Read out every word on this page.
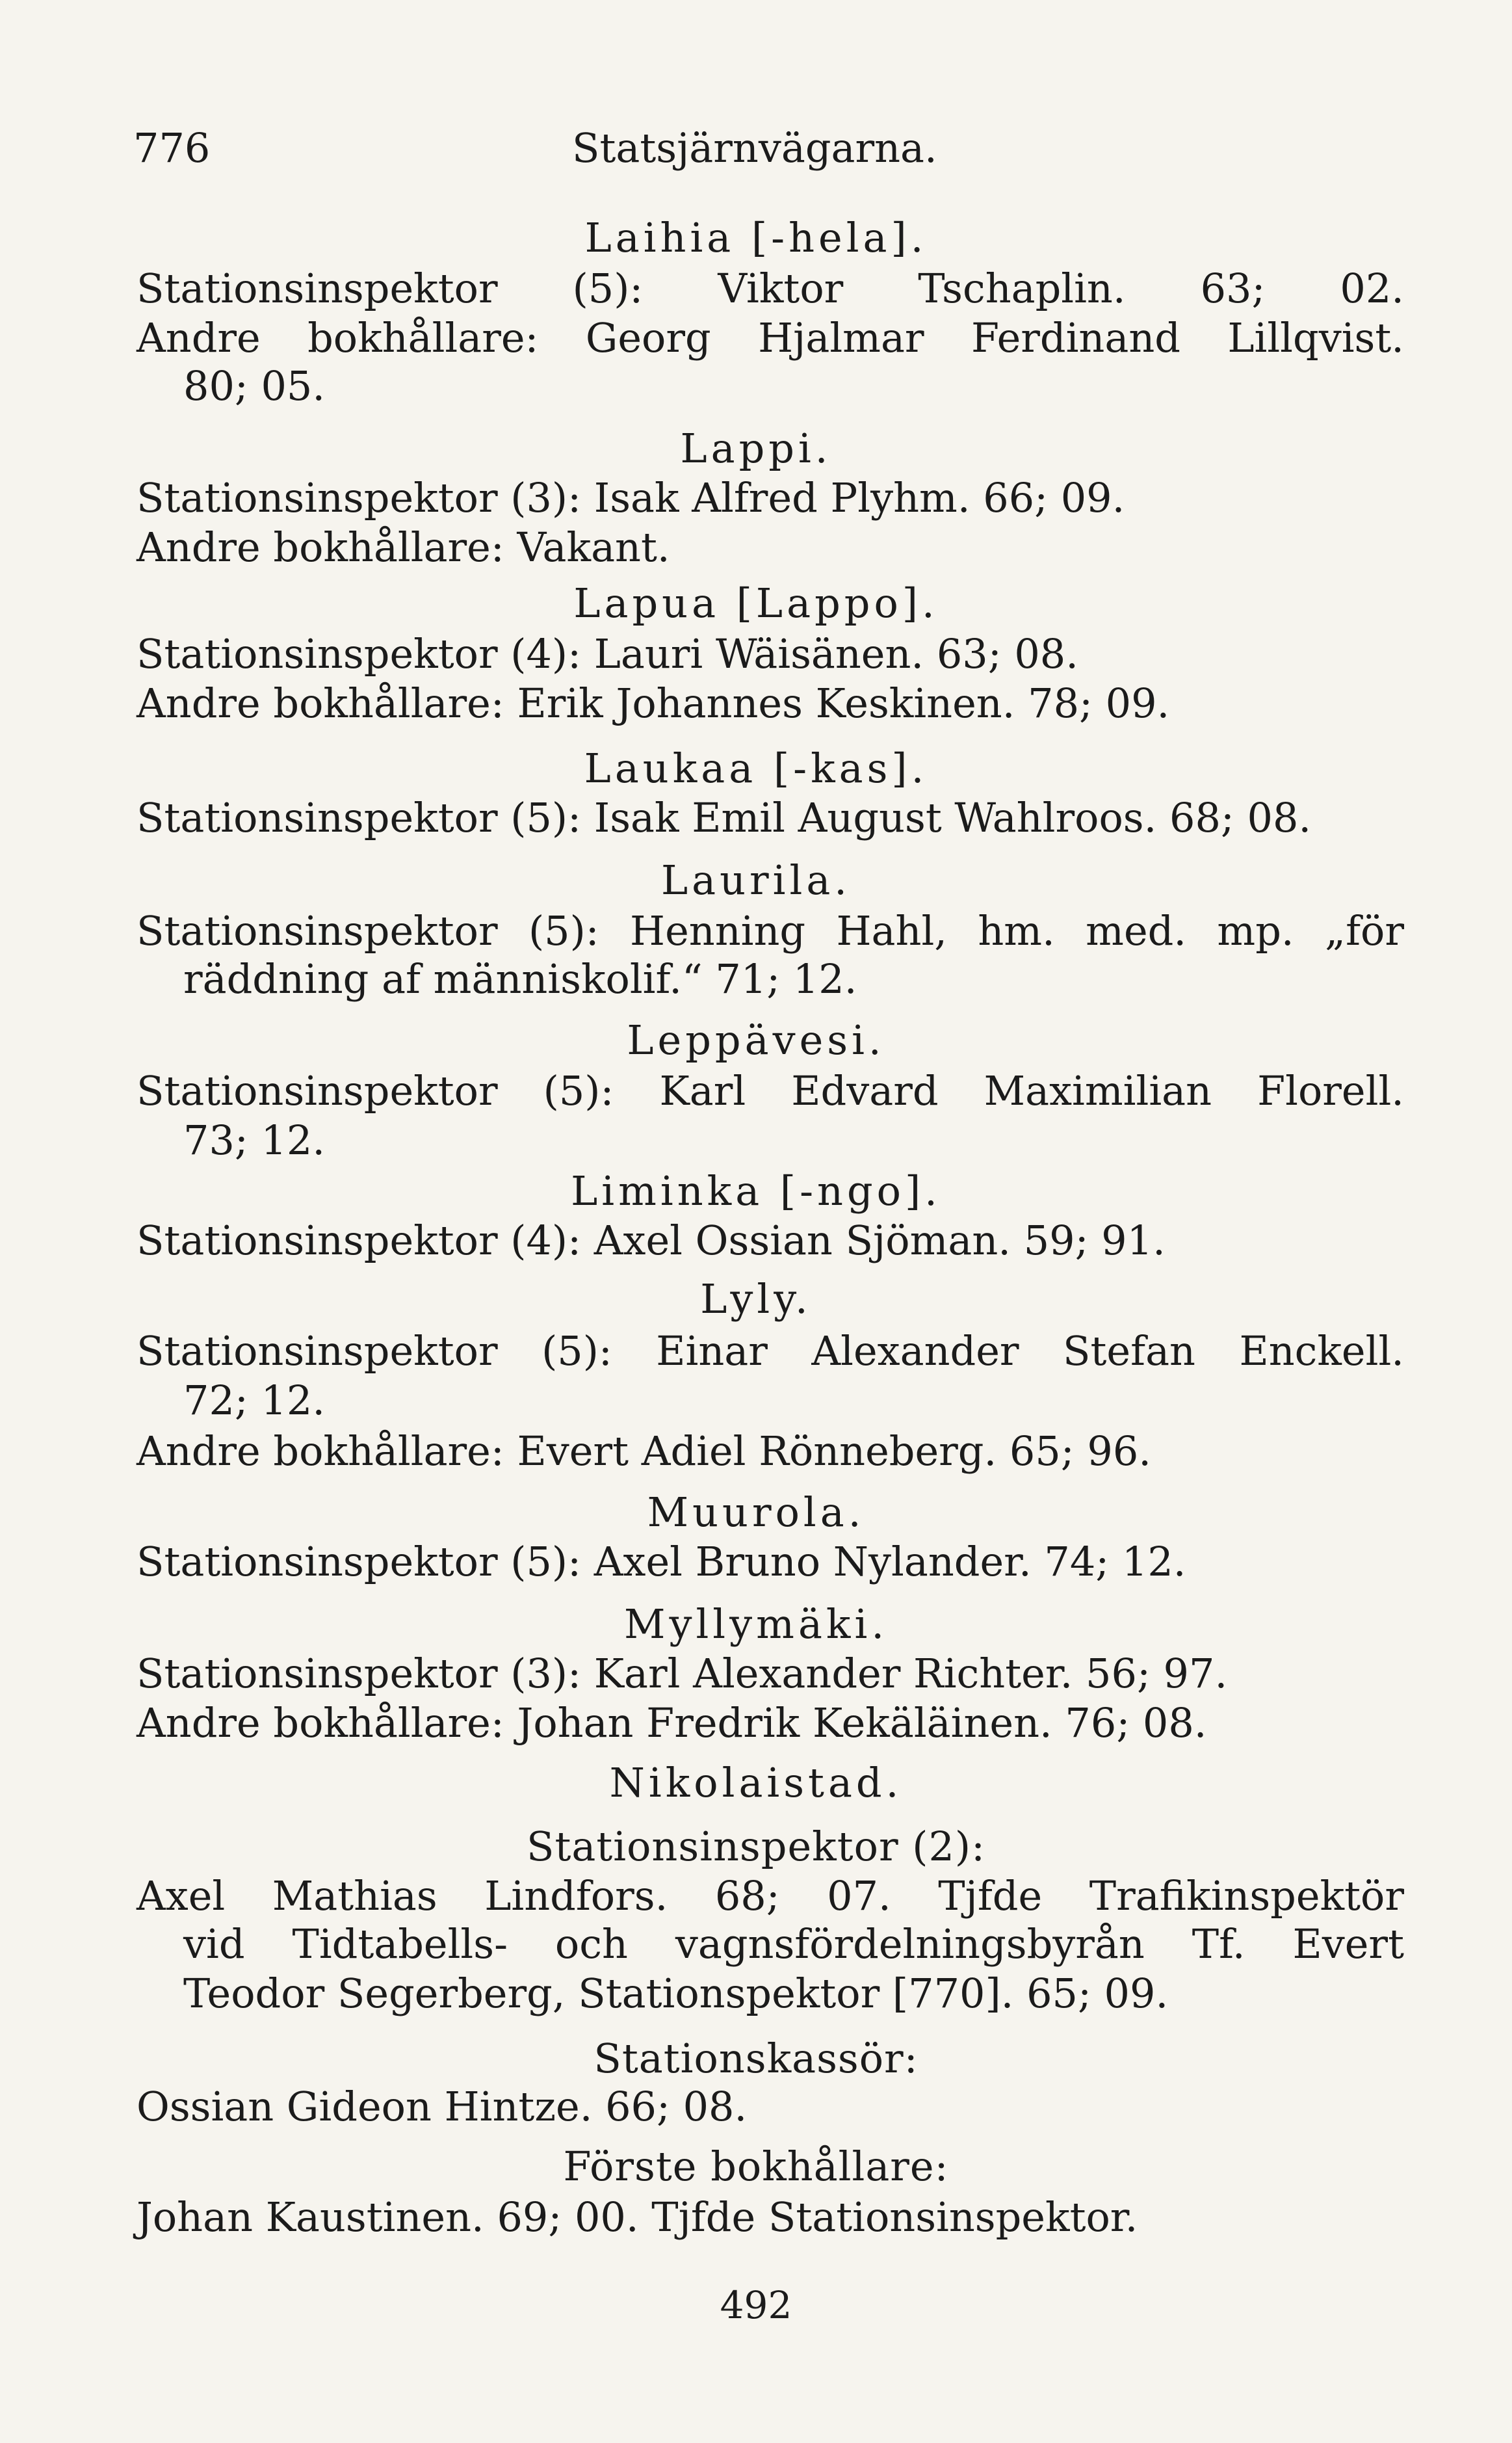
776	Statsjärnvägarna.
Laihia [-hela].
Stationsinspektor (5): Viktor Tschaplin. 63; 02.
Andre bokhållare: Georg Hjalmar Ferdinand Lillqvist.
80; 05.
Lappi.
Stationsinspektor (3): Isak Alfred Plyhm. 66; 09.
Andre bokhållare: Vakant.
Lapua [Lappo].
Stationsinspektor (4): Lauri Wäisänen. 63; 08.
Andre bokhållare: Erik Johannes Keskinen. 78; 09.
Laukaa [-kas].
Stationsinspektor (5): Isak Emil August Wahlroos. 68; 08.
Laurila.
Stationsinspektor (5): Henning Hahl, hm. med. mp. „för
räddning af människolif.“ 71; 12.
Leppävesi.
Stationsinspektor (5): Karl Edvard Maximilian Florell.
73; 12.
Liminka [-ngo].
Stationsinspektor (4): Axel Ossian Sjöman. 59; 91.
Lyly.
Stationsinspektor (5): Einar Alexander Stefan Enckell.
72; 12.
Andre bokhållare: Evert Adiel Rönneberg. 65; 96.
Muurola.
Stationsinspektor (5): Axel Bruno Nylander. 74; 12.
Myllymäki.
Stationsinspektor (3): Karl Alexander Richter. 56; 97.
Andre bokhållare: Johan Fredrik Kekäläinen. 76; 08.
Nikolaistad.
Stationsinspektor (2):
Axel Mathias Lindfors. 68; 07. Tjfde Trafikinspektör
vid Tidtabells- och vagnsfördelningsbyrån Tf. Evert
Teodor Segerberg, Stationspektor [770]. 65; 09.
Stationskassör:
Ossian Gideon Hintze. 66; 08.
Förste bokhållare:
Johan Kaustinen. 69; 00. Tjfde Stationsinspektor.
492
